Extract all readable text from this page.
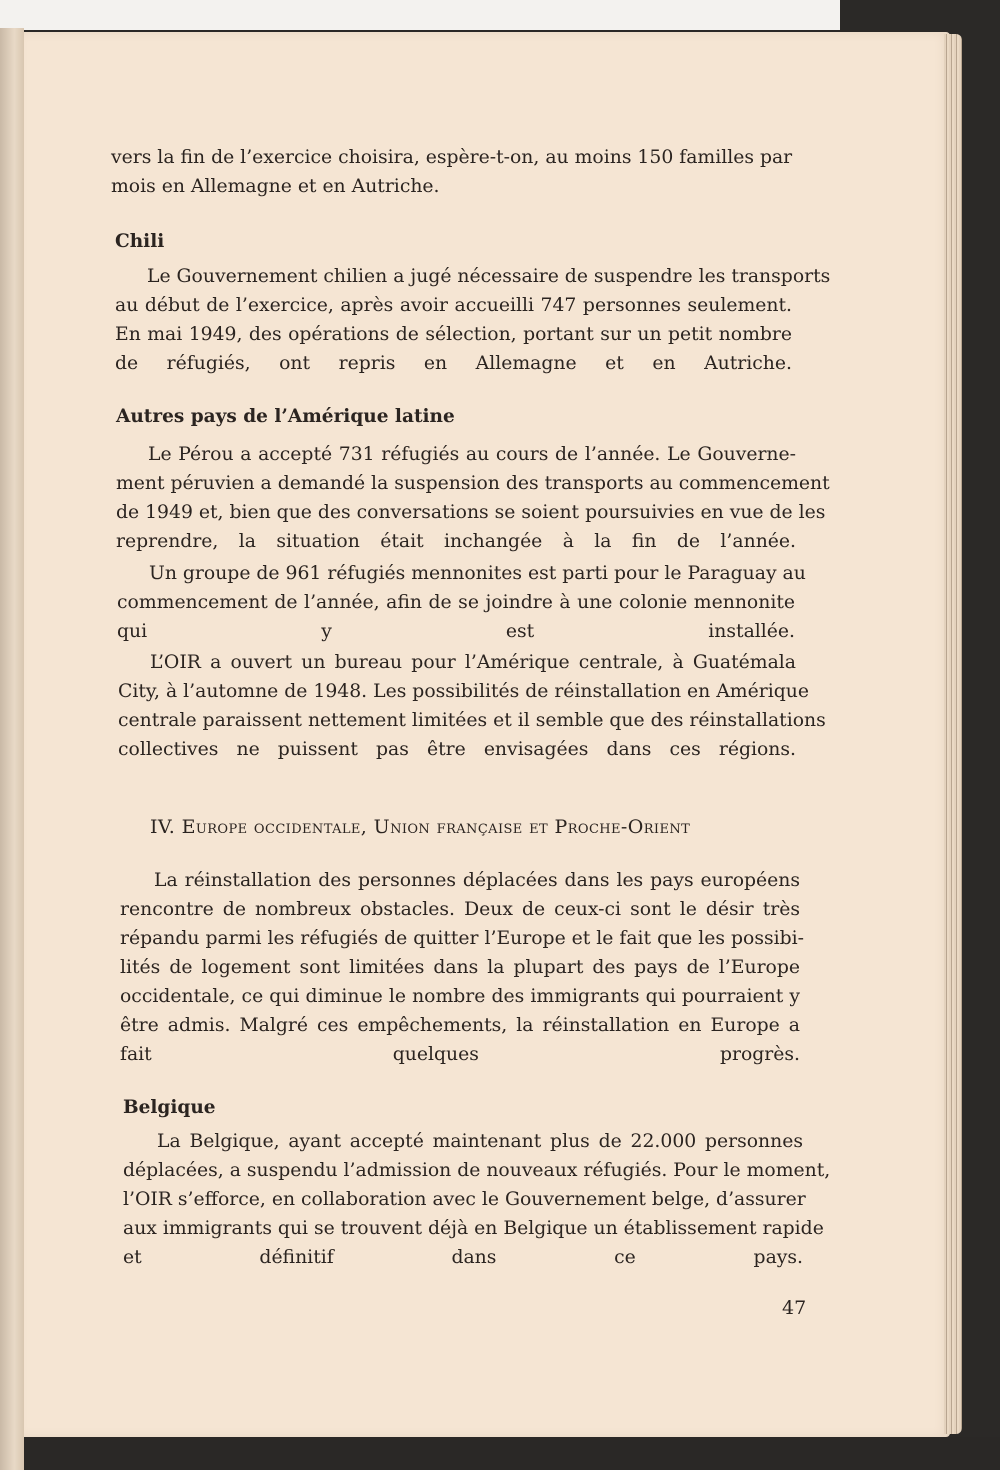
vers la fin de l’exercice choisira, espère-t-on, au moins 150 familles par
mois en Allemagne et en Autriche.
Chili
Le Gouvernement chilien a jugé nécessaire de suspendre les transports
au début de l’exercice, après avoir accueilli 747 personnes seulement.
En mai 1949, des opérations de sélection, portant sur un petit nombre
de réfugiés, ont repris en Allemagne et en Autriche.
Autres pays de l’Amérique latine
Le Pérou a accepté 731 réfugiés au cours de l’année. Le Gouverne-
ment péruvien a demandé la suspension des transports au commencement
de 1949 et, bien que des conversations se soient poursuivies en vue de les
reprendre, la situation était inchangée à la fin de l’année.
Un groupe de 961 réfugiés mennonites est parti pour le Paraguay au
commencement de l’année, afin de se joindre à une colonie mennonite
qui y est installée.
L’OIR a ouvert un bureau pour l’Amérique centrale, à Guatémala
City, à l’automne de 1948. Les possibilités de réinstallation en Amérique
centrale paraissent nettement limitées et il semble que des réinstallations
collectives ne puissent pas être envisagées dans ces régions.
IV. Europe occidentale, Union française et Proche-Orient
La réinstallation des personnes déplacées dans les pays européens
rencontre de nombreux obstacles. Deux de ceux-ci sont le désir très
répandu parmi les réfugiés de quitter l’Europe et le fait que les possibi-
lités de logement sont limitées dans la plupart des pays de l’Europe
occidentale, ce qui diminue le nombre des immigrants qui pourraient y
être admis. Malgré ces empêchements, la réinstallation en Europe a
fait quelques progrès.
Belgique
La Belgique, ayant accepté maintenant plus de 22.000 personnes
déplacées, a suspendu l’admission de nouveaux réfugiés. Pour le moment,
l’OIR s’efforce, en collaboration avec le Gouvernement belge, d’assurer
aux immigrants qui se trouvent déjà en Belgique un établissement rapide
et définitif dans ce pays.
47
